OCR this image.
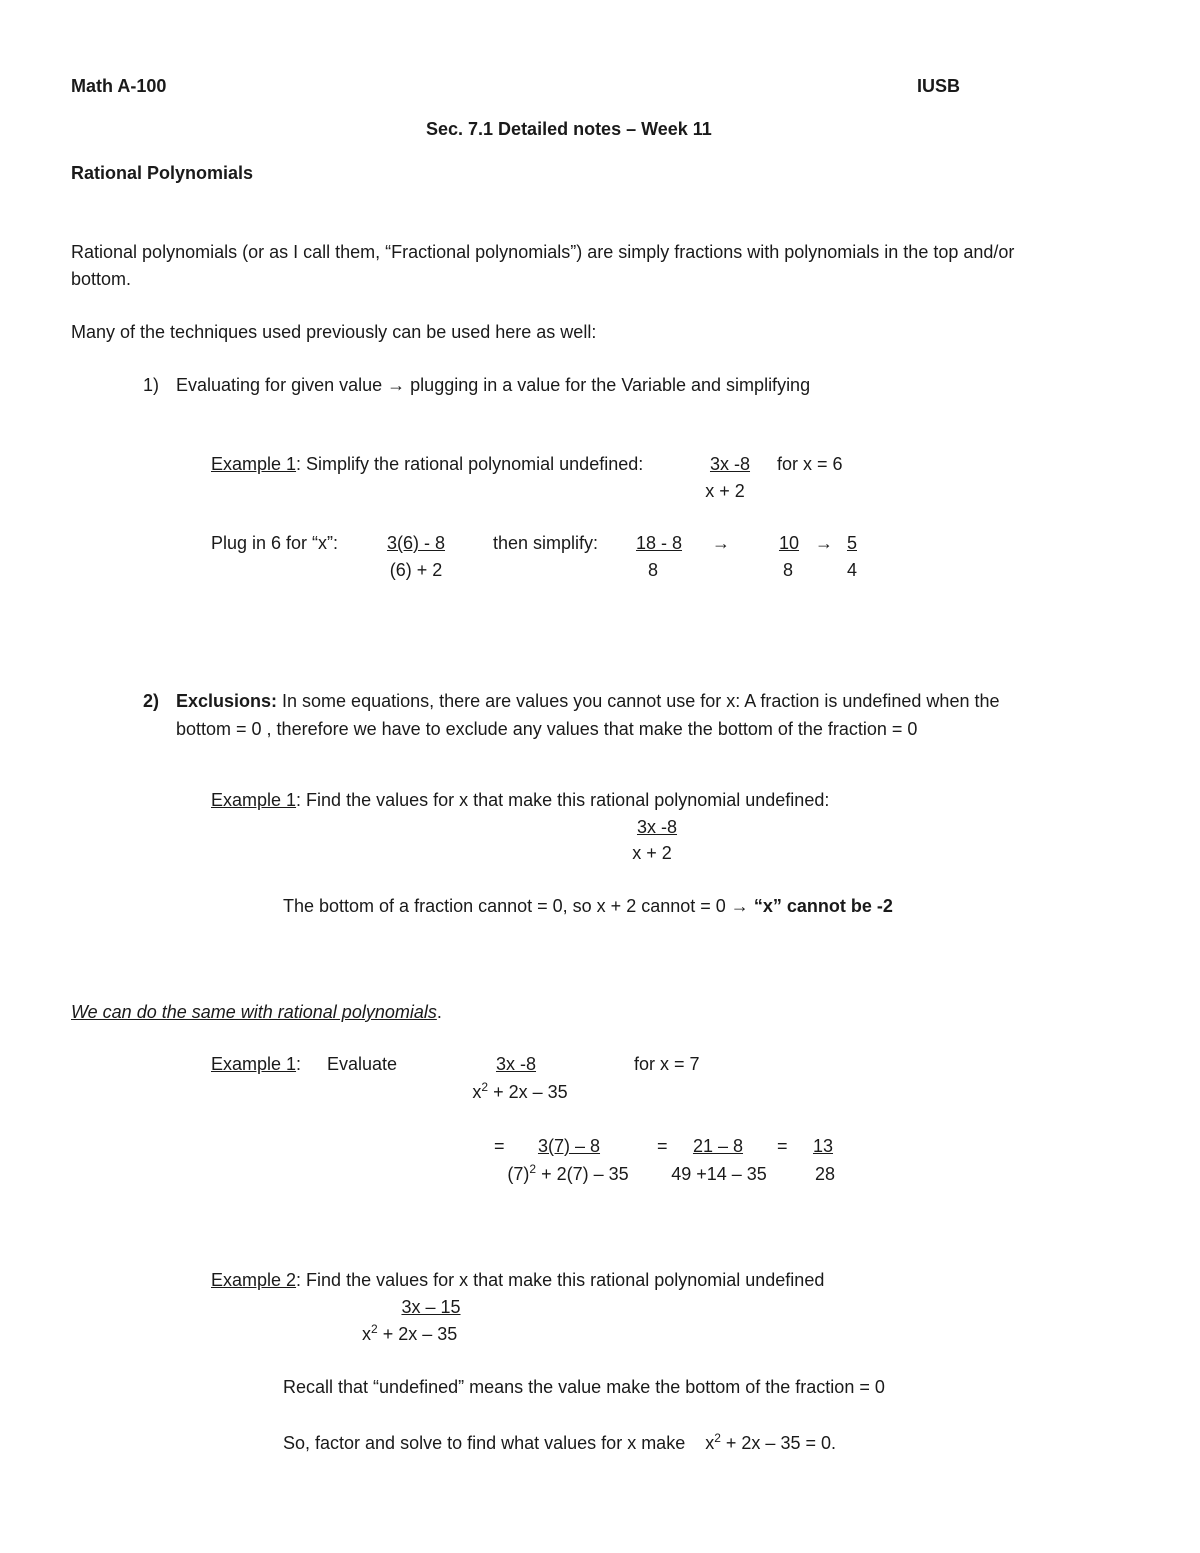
Math A-100	IUSB
Sec. 7.1 Detailed notes – Week 11
Rational Polynomials
Rational polynomials (or as I call them, “Fractional polynomials”) are simply fractions with polynomials in the top and/or
bottom.
Many of the techniques used previously can be used here as well:
1) Evaluating for given value → plugging in a value for the Variable and simplifying
Example 1: Simplify the rational polynomial undefined:	3x -8
x + 2
for x = 6
Plug in 6 for “x”:	3(6) - 8
(6) + 2
then simplify:	18 - 8
8
→	10
8
→ 5
4
2) Exclusions: In some equations, there are values you cannot use for x: A fraction is undefined when the
bottom = 0 , therefore we have to exclude any values that make the bottom of the fraction = 0
Example 1: Find the values for x that make this rational polynomial undefined:
3x -8
x + 2
The bottom of a fraction cannot = 0, so x + 2 cannot = 0 → “x” cannot be -2
We can do the same with rational polynomials.
Example 1: Evaluate	3x -8
$x^2 + 2x - 35$
for x = 7
=	3(7) – 8
$(7)^2 + 2(7) - 35$
= 21 – 8
49 +14 – 35
= 13
28
Example 2: Find the values for x that make this rational polynomial undefined
3x – 15
$x^2 + 2x - 35$
Recall that “undefined” means the value make the bottom of the fraction = 0
So, factor and solve to find what values for x make $x^2 + 2x - 35 = 0$.
